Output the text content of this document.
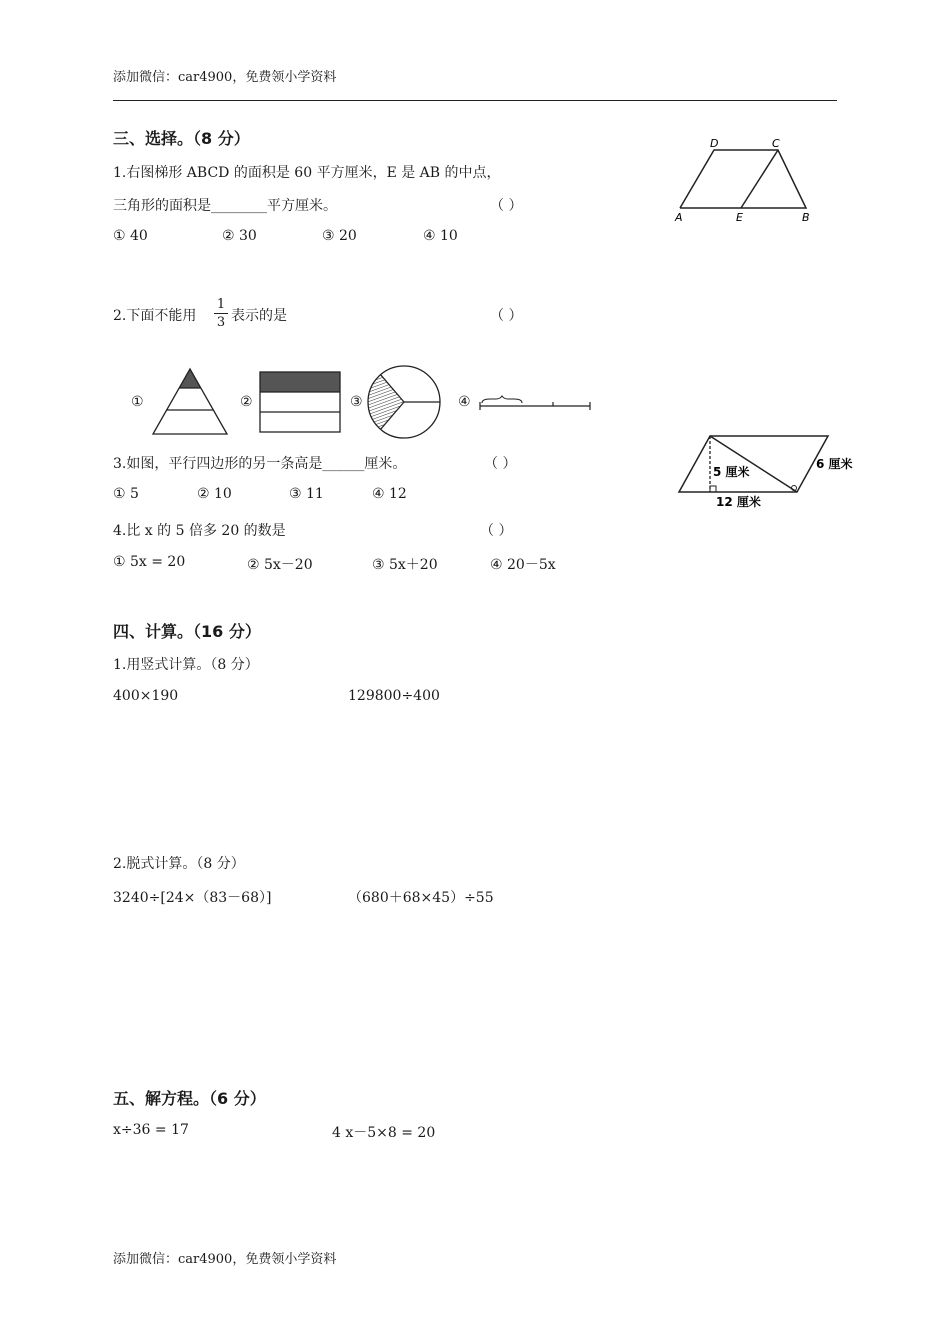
添加微信：car4900，免费领小学资料
三、选择。（8 分）
1.右图梯形 ABCD 的面积是 60 平方厘米，E 是 AB 的中点，
三角形的面积是________平方厘米。	（ ）
① 40	② 30	③ 20	④ 10
D	C
A	E	B
2.下面不能用
1
3 表示的是	（ ）
①	②	③	④
3.如图，平行四边形的另一条高是______厘米。	（ ）
① 5	② 10	③ 11	④ 12
5 厘米
6 厘米
12 厘米
4.比 x 的 5 倍多 20 的数是	（ ）
① 5x = 20	② 5x－20	③ 5x＋20	④ 20－5x
四、计算。（16 分）
1.用竖式计算。（8 分）
400×190	129800÷400
2.脱式计算。（8 分）
3240÷[24×（83－68）]	（680＋68×45）÷55
五、解方程。（6 分）
x÷36 = 17	4 x－5×8 = 20
添加微信：car4900，免费领小学资料
